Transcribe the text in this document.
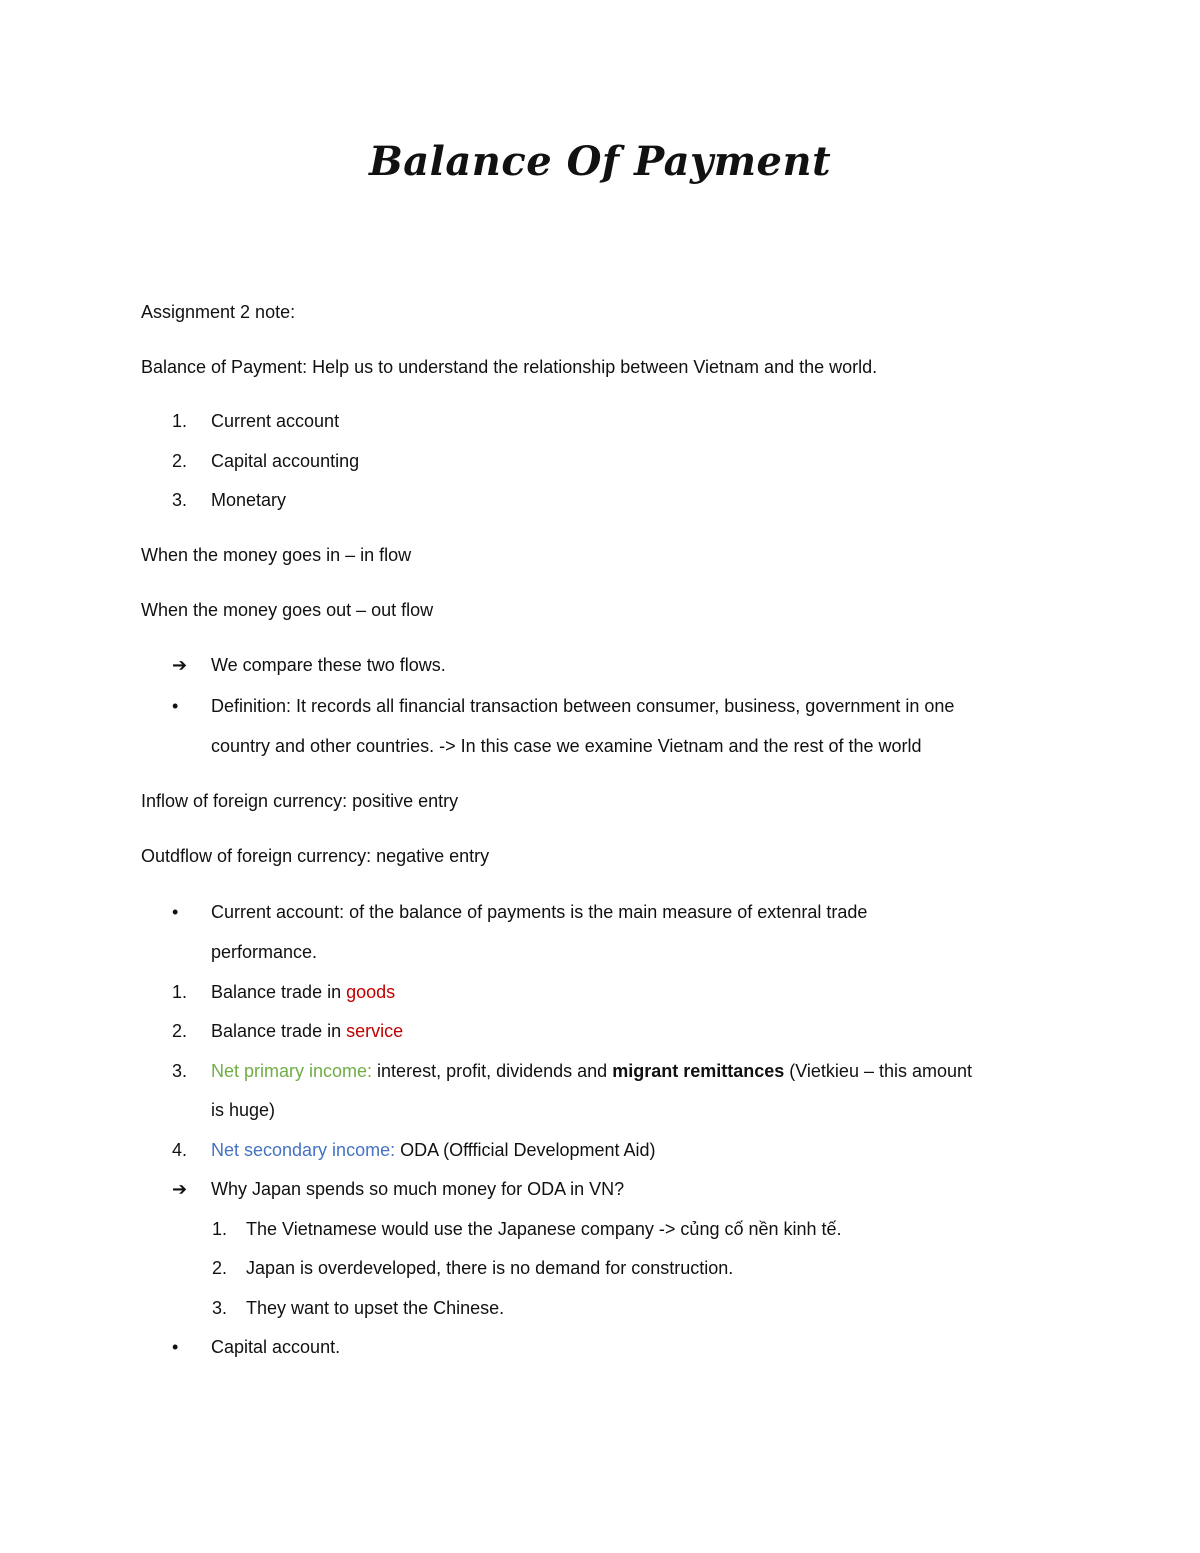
Balance Of Payment
Assignment 2 note:
Balance of Payment: Help us to understand the relationship between Vietnam and the world.
1. Current account
2. Capital accounting
3. Monetary
When the money goes in – in flow
When the money goes out – out flow
➔ We compare these two flows.
• Definition: It records all financial transaction between consumer, business, government in one
country and other countries. -> In this case we examine Vietnam and the rest of the world
Inflow of foreign currency: positive entry
Outdflow of foreign currency: negative entry
• Current account: of the balance of payments is the main measure of extenral trade
performance.
1. Balance trade in goods
2. Balance trade in service
3. Net primary income: interest, profit, dividends and migrant remittances (Vietkieu – this amount
is huge)
4. Net secondary income: ODA (Offficial Development Aid)
➔ Why Japan spends so much money for ODA in VN?
1. The Vietnamese would use the Japanese company -> củng cố nền kinh tế.
2. Japan is overdeveloped, there is no demand for construction.
3. They want to upset the Chinese.
• Capital account.
